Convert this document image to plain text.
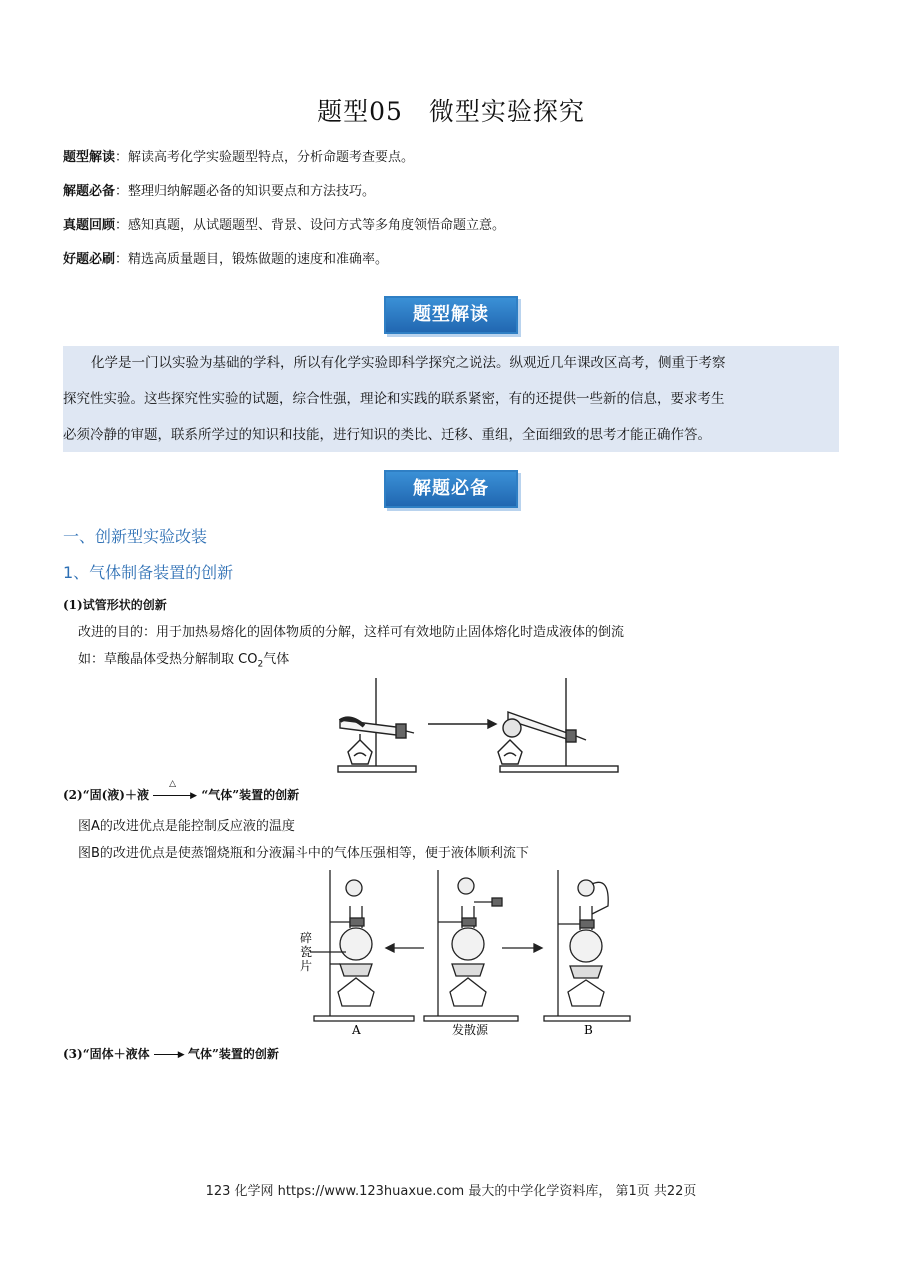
题型05 微型实验探究
题型解读：解读高考化学实验题型特点，分析命题考查要点。
解题必备：整理归纳解题必备的知识要点和方法技巧。
真题回顾：感知真题，从试题题型、背景、设问方式等多角度领悟命题立意。
好题必刷：精选高质量题目，锻炼做题的速度和准确率。
题型解读

化学是一门以实验为基础的学科，所以有化学实验即科学探究之说法。纵观近几年课改区高考，侧重于考察

探究性实验。这些探究性实验的试题，综合性强，理论和实践的联系紧密，有的还提供一些新的信息，要求考生

必须冷静的审题，联系所学过的知识和技能，进行知识的类比、迁移、重组，全面细致的思考才能正确作答。

解题必备
一、创新型实验改装
1、气体制备装置的创新
(1)试管形状的创新
改进的目的：用于加热易熔化的固体物质的分解，这样可有效地防止固体熔化时造成液体的倒流
如：草酸晶体受热分解制取 $CO_2$气体
(2)“固(液)＋液
△
▶ “气体”装置的创新
图A的改进优点是能控制反应液的温度
图B的改进优点是使蒸馏烧瓶和分液漏斗中的气体压强相等，便于液体顺利流下
碎
瓷
片
A	发散源	B
(3)“固体＋液体	▶ 气体”装置的创新
123 化学网 https://www.123huaxue.com 最大的中学化学资料库， 第1页 共22页
